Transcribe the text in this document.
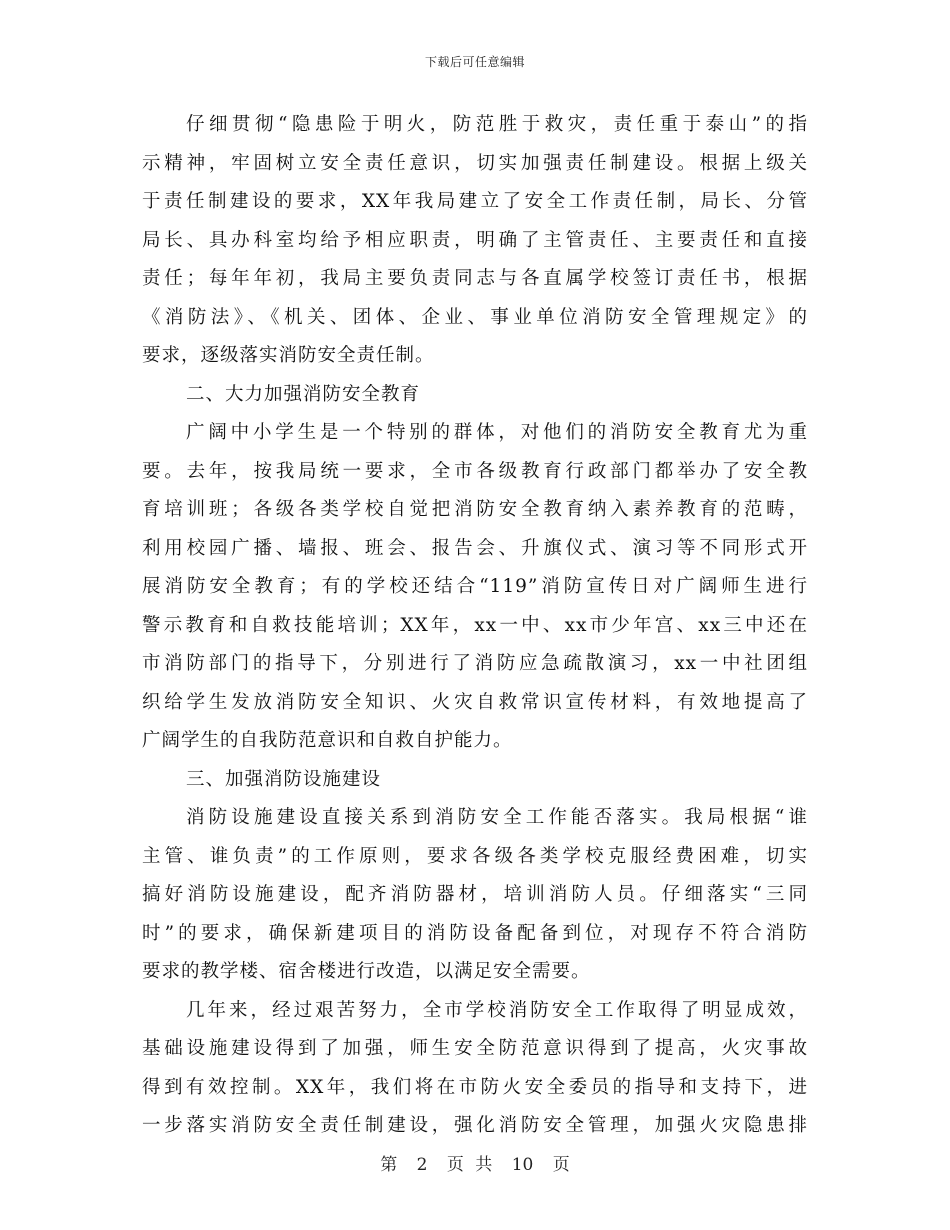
下载后可任意编辑
仔细贯彻“隐患险于明火，防范胜于救灾，责任重于泰山”的指
示精神，牢固树立安全责任意识，切实加强责任制建设。根据上级关
于责任制建设的要求，XX年我局建立了安全工作责任制，局长、分管
局长、具办科室均给予相应职责，明确了主管责任、主要责任和直接
责任；每年年初，我局主要负责同志与各直属学校签订责任书，根据
《消防法》、《机关、团体、企业、事业单位消防安全管理规定》的
要求，逐级落实消防安全责任制。
二、大力加强消防安全教育
广阔中小学生是一个特别的群体，对他们的消防安全教育尤为重
要。去年，按我局统一要求，全市各级教育行政部门都举办了安全教
育培训班；各级各类学校自觉把消防安全教育纳入素养教育的范畴，
利用校园广播、墙报、班会、报告会、升旗仪式、演习等不同形式开
展消防安全教育；有的学校还结合“119”消防宣传日对广阔师生进行
警示教育和自救技能培训；XX年，xx一中、xx市少年宫、xx三中还在
市消防部门的指导下，分别进行了消防应急疏散演习，xx一中社团组
织给学生发放消防安全知识、火灾自救常识宣传材料，有效地提高了
广阔学生的自我防范意识和自救自护能力。
三、加强消防设施建设
消防设施建设直接关系到消防安全工作能否落实。我局根据“谁
主管、谁负责”的工作原则，要求各级各类学校克服经费困难，切实
搞好消防设施建设，配齐消防器材，培训消防人员。仔细落实“三同
时”的要求，确保新建项目的消防设备配备到位，对现存不符合消防
要求的教学楼、宿舍楼进行改造，以满足安全需要。
几年来，经过艰苦努力，全市学校消防安全工作取得了明显成效，
基础设施建设得到了加强，师生安全防范意识得到了提高，火灾事故
得到有效控制。XX年，我们将在市防火安全委员的指导和支持下，进
一步落实消防安全责任制建设，强化消防安全管理，加强火灾隐患排
第 2 页 共 10 页
